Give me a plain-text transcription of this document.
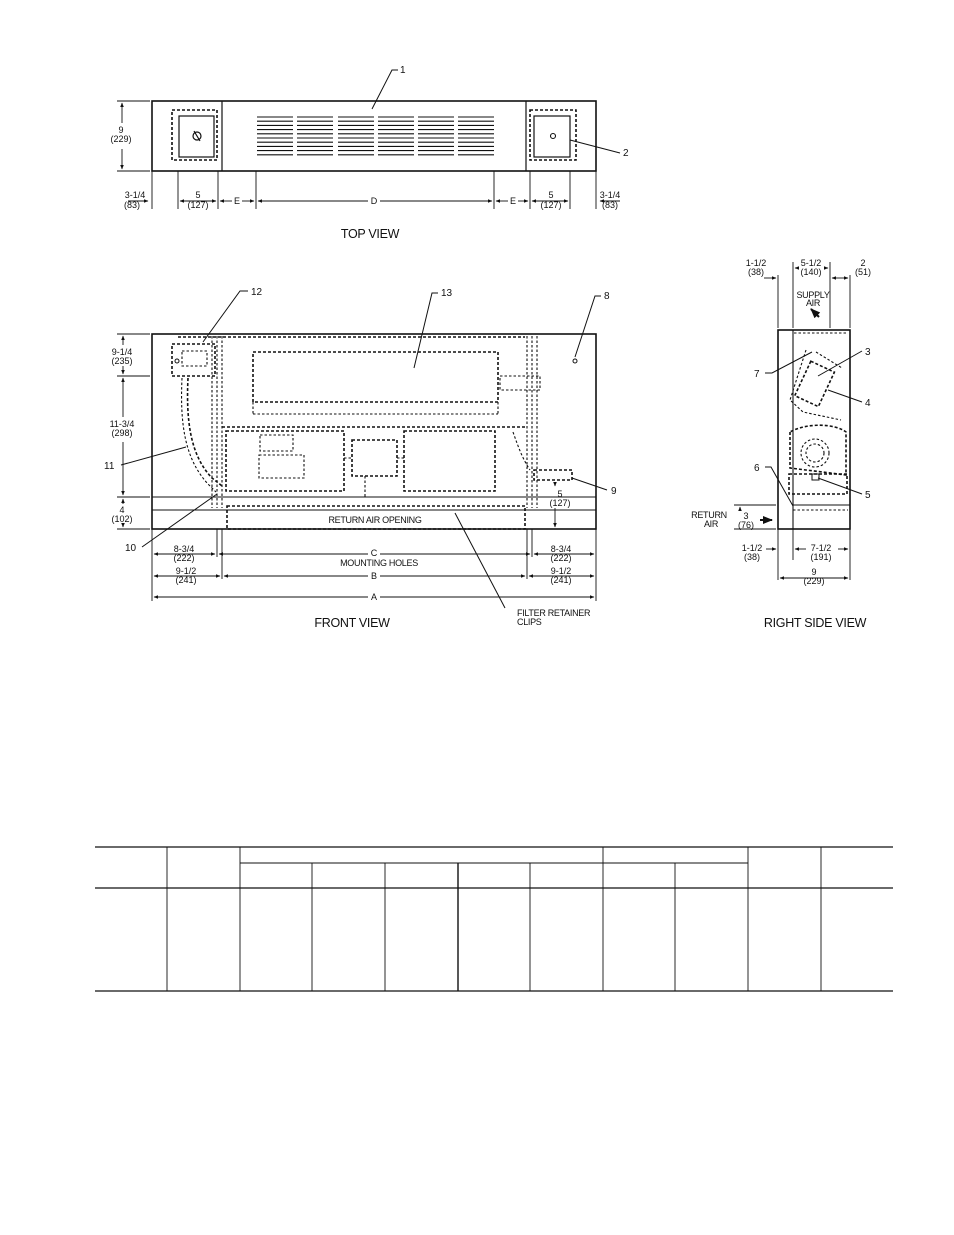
1
2
9
(229)
3-1/4
(83)
5
(127)	E	D	E
5
(127)
3-1/4
(83)
TOP VIEW
RETURN AIR OPENING
12	13	8
9
11
10
FILTER RETAINER
CLIPS
9-1/4
(235)
11-3/4
(298)
4
(102)
5
(127)
8-3/4
(222)	C
MOUNTING HOLES
8-3/4
(222)
9-1/2
(241)	B	9-1/2
(241)
A
FRONT VIEW
SUPPLY
AIR
RETURN
AIR
3
(76)
1-1/2
(38)
5-1/2
(140)
2
(51)
1-1/2
(38)
7-1/2
(191)
9
(229)
3
4
5
6
7
RIGHT SIDE VIEW
